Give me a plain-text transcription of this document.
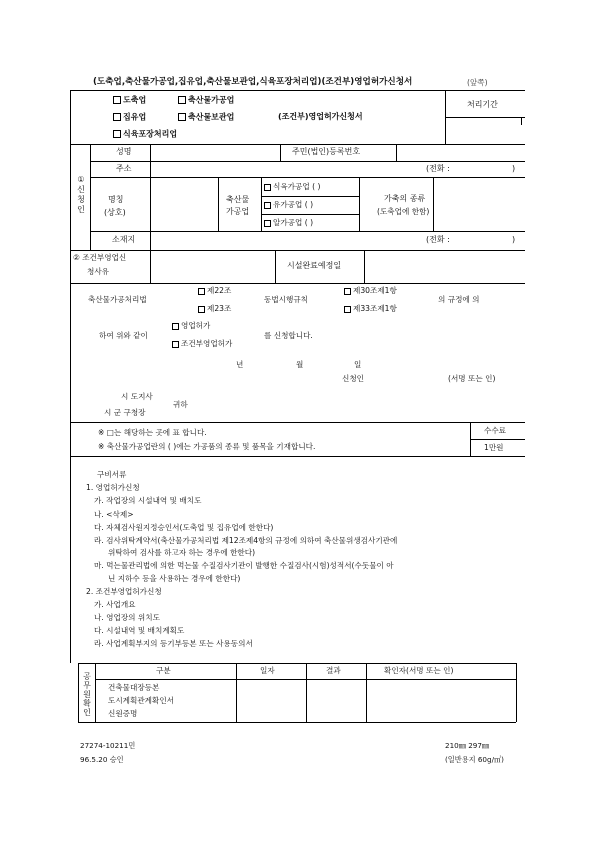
(도축업,축산물가공업,집유업,축산물보관업,식육포장처리업)(조건부)영업허가신청서	(앞쪽)
도축업	축산물가공업
집유업	축산물보관업	(조건부)영업허가신청서
식육포장처리업
처리기간
① 신청인
성명	주민(법인)등록번호
주소	(전화 :	)
명칭
(상호)
축산물
가공업
식육가공업 ( )
유가공업 ( )
알가공업 ( )
가축의 종류
(도축업에 한함)
소재지	(전화 :	)
② 조건부영업신
청사유
시설완료예정일
축산물가공처리법
제22조
제23조
동법시행규칙
제30조제1항
제33조제1항
의 규정에 의
하여 위와 같이
영업허가
조건부영업허가
를 신청합니다.
년	월	일
신청인	(서명 또는 인)
시 도지사
시 군 구청장
귀하
※ □는 해당하는 곳에 표 합니다.
※ 축산물가공업란의 ( )에는 가공품의 종류 및 품목을 기재합니다.
수수료
1만원
구비서류
1. 영업허가신청
가. 작업장의 시설내역 및 배치도
나. <삭제>
다. 자체검사원지정승인서(도축업 및 집유업에 한한다)
라. 검사위탁계약서(축산물가공처리법 제12조제4항의 규정에 의하여 축산물위생검사기관에
위탁하여 검사를 하고자 하는 경우에 한한다)
마. 먹는물관리법에 의한 먹는물 수질검사기관이 발행한 수질검사(시험)성적서(수돗물이 아
닌 지하수 등을 사용하는 경우에 한한다)
2. 조건부영업허가신청
가. 사업개요
나. 영업장의 위치도
다. 시설내역 및 배치계획도
라. 사업계획부지의 등기부등본 또는 사용동의서
공무원확인
구분	일자	결과	확인자(서명 또는 인)
건축물대장등본
도시계획관계확인서
신원증명
27274-10211민
96.5.20 승인
210㎜ 297㎜
(일반용지 60g/㎡)
